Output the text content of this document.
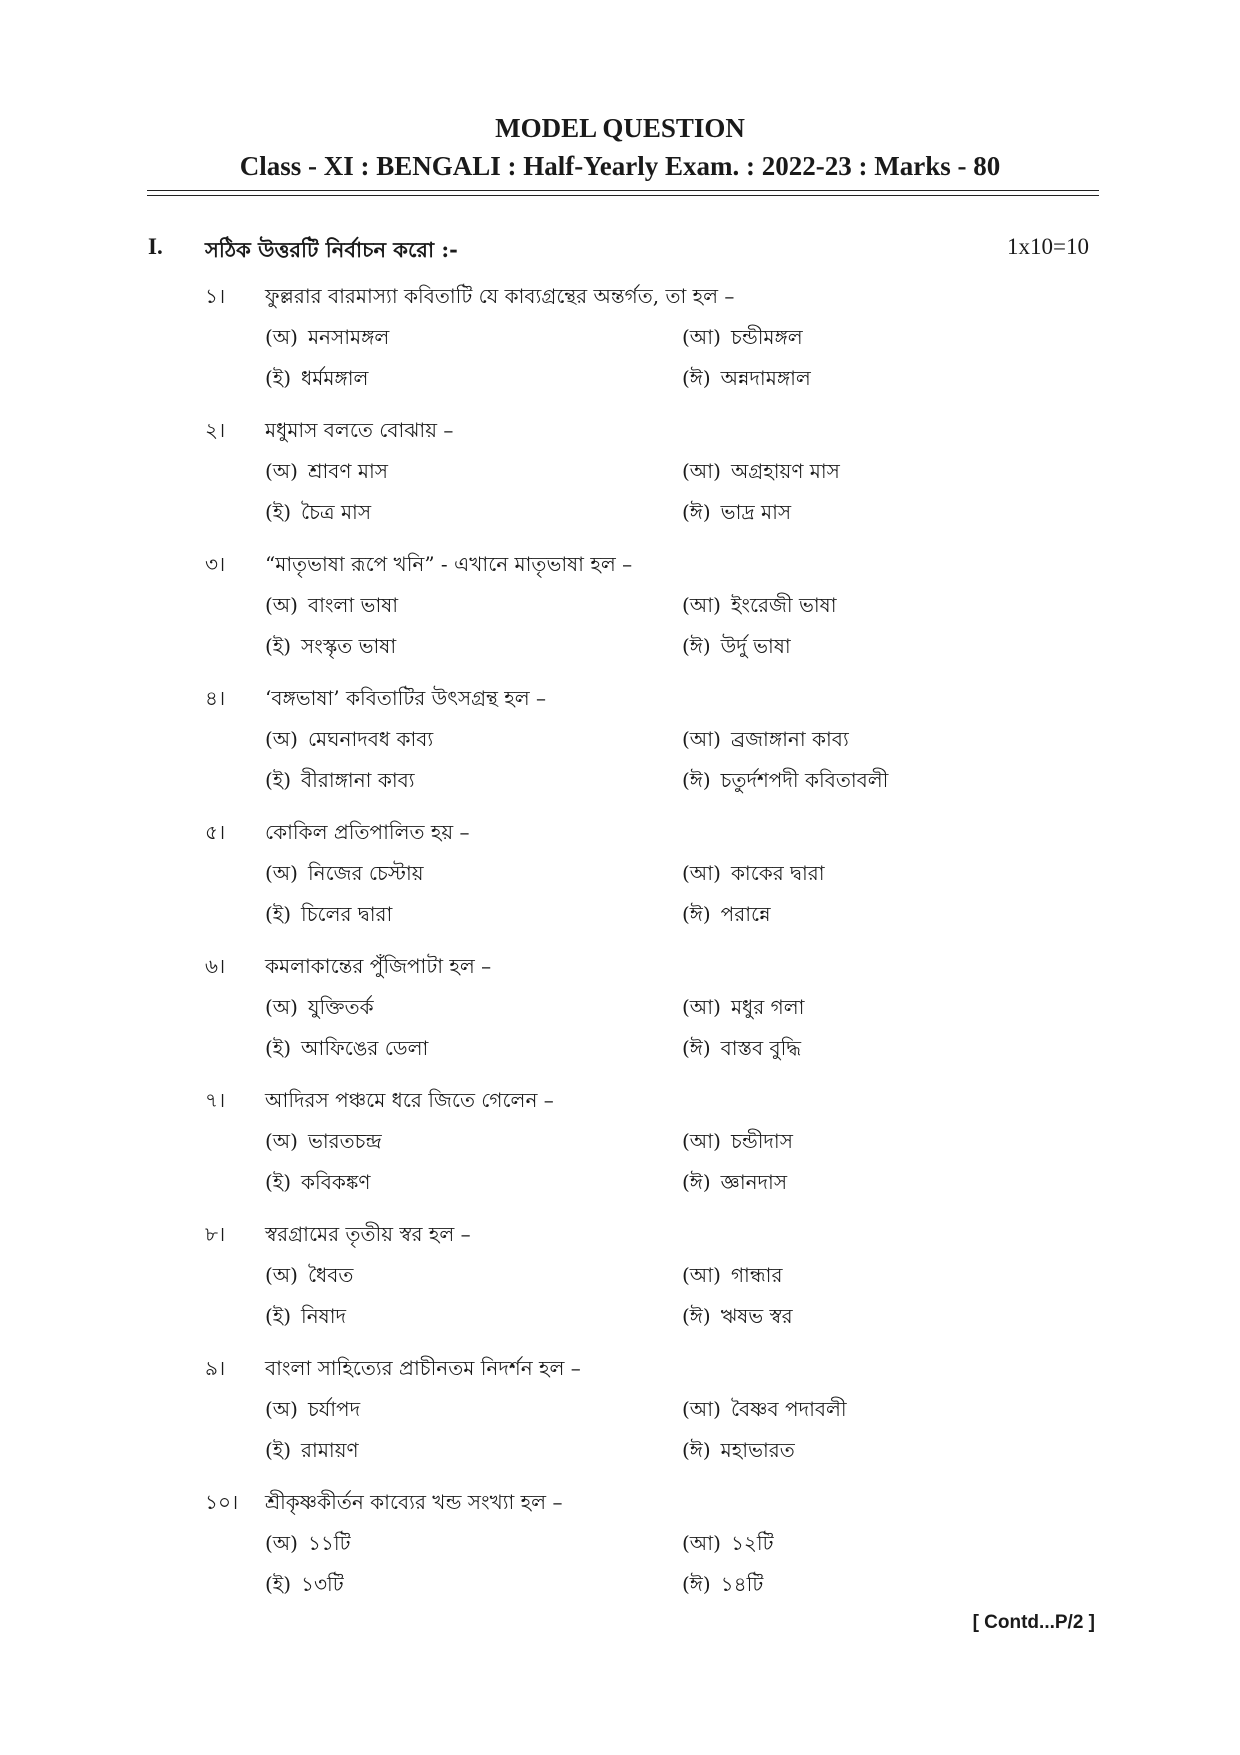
MODEL QUESTION
Class - XI : BENGALI : Half-Yearly Exam. : 2022-23 : Marks - 80
I. সঠিক উত্তরটি নির্বাচন করো :-	1x10=10
১। ফুল্লরার বারমাস্যা কবিতাটি যে কাব্যগ্রন্থের অন্তর্গত, তা হল –
(অ) মনসামঙ্গল	(আ) চন্ডীমঙ্গল
(ই) ধর্মমঙ্গাল	(ঈ) অন্নদামঙ্গাল
২। মধুমাস বলতে বোঝায় –
(অ) শ্রাবণ মাস	(আ) অগ্রহায়ণ মাস
(ই) চৈত্র মাস	(ঈ) ভাদ্র মাস
৩। “মাতৃভাষা রূপে খনি” - এখানে মাতৃভাষা হল –
(অ) বাংলা ভাষা	(আ) ইংরেজী ভাষা
(ই) সংস্কৃত ভাষা	(ঈ) উর্দু ভাষা
৪। ‘বঙ্গভাষা’ কবিতাটির উৎসগ্রন্থ হল –
(অ) মেঘনাদবধ কাব্য	(আ) ব্রজাঙ্গানা কাব্য
(ই) বীরাঙ্গানা কাব্য	(ঈ) চতুর্দশপদী কবিতাবলী
৫। কোকিল প্রতিপালিত হয় –
(অ) নিজের চেস্টায়	(আ) কাকের দ্বারা
(ই) চিলের দ্বারা	(ঈ) পরান্নে
৬। কমলাকান্তের পুঁজিপাটা হল –
(অ) যুক্তিতর্ক	(আ) মধুর গলা
(ই) আফিঙের ডেলা	(ঈ) বাস্তব বুদ্ধি
৭। আদিরস পঞ্চমে ধরে জিতে গেলেন –
(অ) ভারতচন্দ্র	(আ) চন্ডীদাস
(ই) কবিকঙ্কণ	(ঈ) জ্ঞানদাস
৮। স্বরগ্রামের তৃতীয় স্বর হল –
(অ) ধৈবত	(আ) গান্ধার
(ই) নিষাদ	(ঈ) ঋষভ স্বর
৯। বাংলা সাহিত্যের প্রাচীনতম নিদর্শন হল –
(অ) চর্যাপদ	(আ) বৈষ্ণব পদাবলী
(ই) রামায়ণ	(ঈ) মহাভারত
১০। শ্রীকৃষ্ণকীর্তন কাব্যের খন্ড সংখ্যা হল –
(অ) ১১টি	(আ) ১২টি
(ই) ১৩টি	(ঈ) ১৪টি
[ Contd...P/2 ]
